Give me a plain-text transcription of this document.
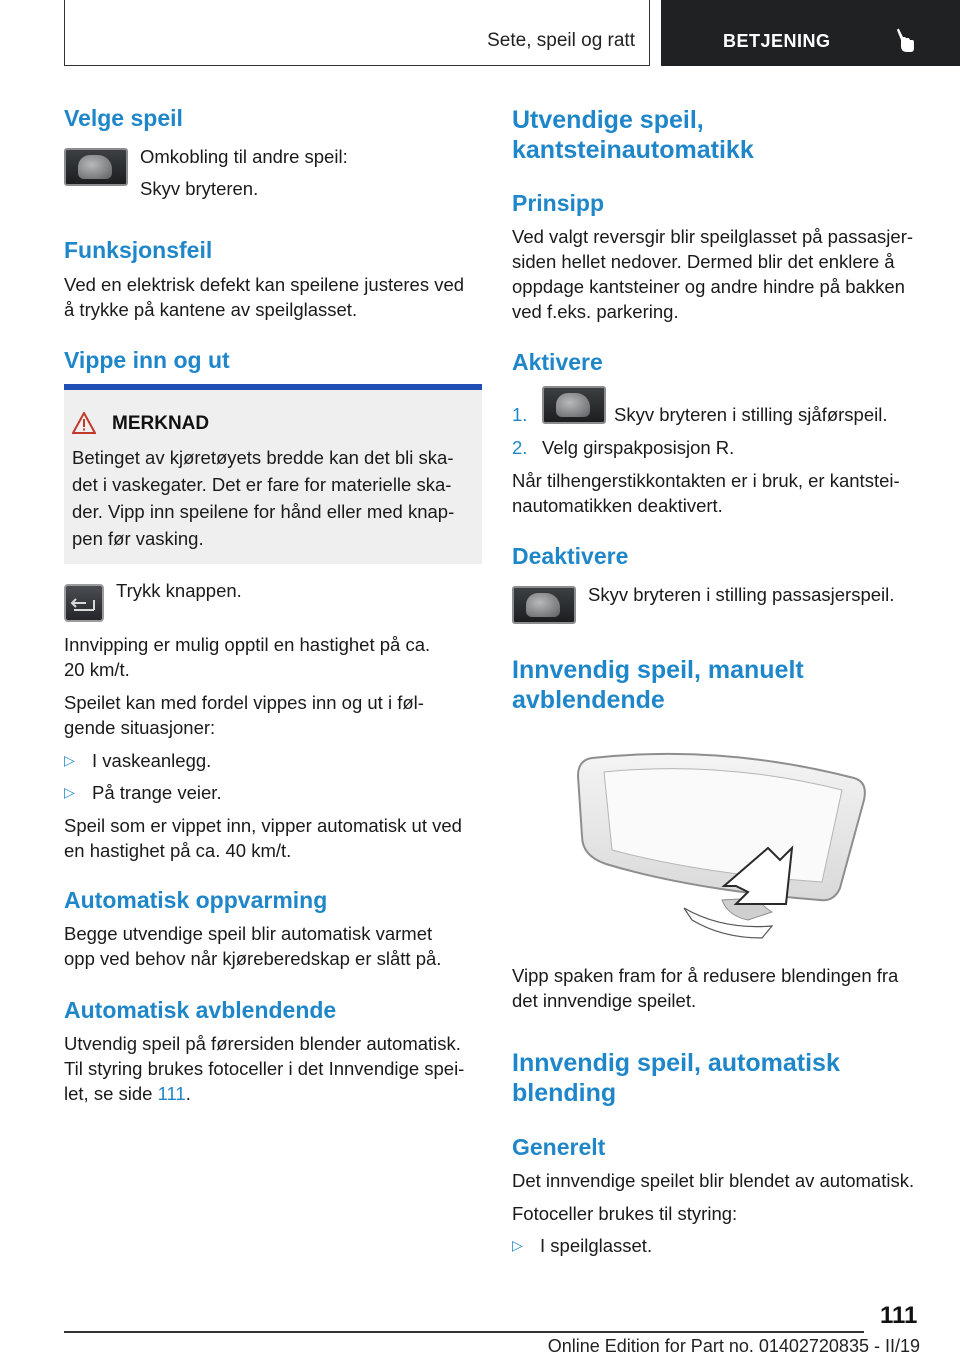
Sete, speil og ratt	BETJENING
Velge speil
Omkobling til andre speil:
Skyv bryteren.
Funksjonsfeil
Ved en elektrisk defekt kan speilene justeres ved
å trykke på kantene av speilglasset.
Vippe inn og ut
MERKNAD
Betinget av kjøretøyets bredde kan det bli ska-
det i vaskegater. Det er fare for materielle ska-
der. Vipp inn speilene for hånd eller med knap-
pen før vasking.
Trykk knappen.
Innvipping er mulig opptil en hastighet på ca.
20 km/t.
Speilet kan med fordel vippes inn og ut i føl-
gende situasjoner:
▷ I vaskeanlegg.
▷ På trange veier.
Speil som er vippet inn, vipper automatisk ut ved
en hastighet på ca. 40 km/t.
Automatisk oppvarming
Begge utvendige speil blir automatisk varmet
opp ved behov når kjøreberedskap er slått på.
Automatisk avblendende
Utvendig speil på førersiden blender automatisk.
Til styring brukes fotoceller i det Innvendige spei-
let, se side 111.
Utvendige speil,
kantsteinautomatikk
Prinsipp
Ved valgt reversgir blir speilglasset på passasjer-
siden hellet nedover. Dermed blir det enklere å
oppdage kantsteiner og andre hindre på bakken
ved f.eks. parkering.
Aktivere
1.	Skyv bryteren i stilling sjåførspeil.
2. Velg girspakposisjon R.
Når tilhengerstikkontakten er i bruk, er kantstei-
nautomatikken deaktivert.
Deaktivere
Skyv bryteren i stilling passasjerspeil.
Innvendig speil, manuelt
avblendende
Vipp spaken fram for å redusere blendingen fra
det innvendige speilet.
Innvendig speil, automatisk
blending
Generelt
Det innvendige speilet blir blendet av automatisk.
Fotoceller brukes til styring:
▷ I speilglasset.
111
Online Edition for Part no. 01402720835 - II/19
